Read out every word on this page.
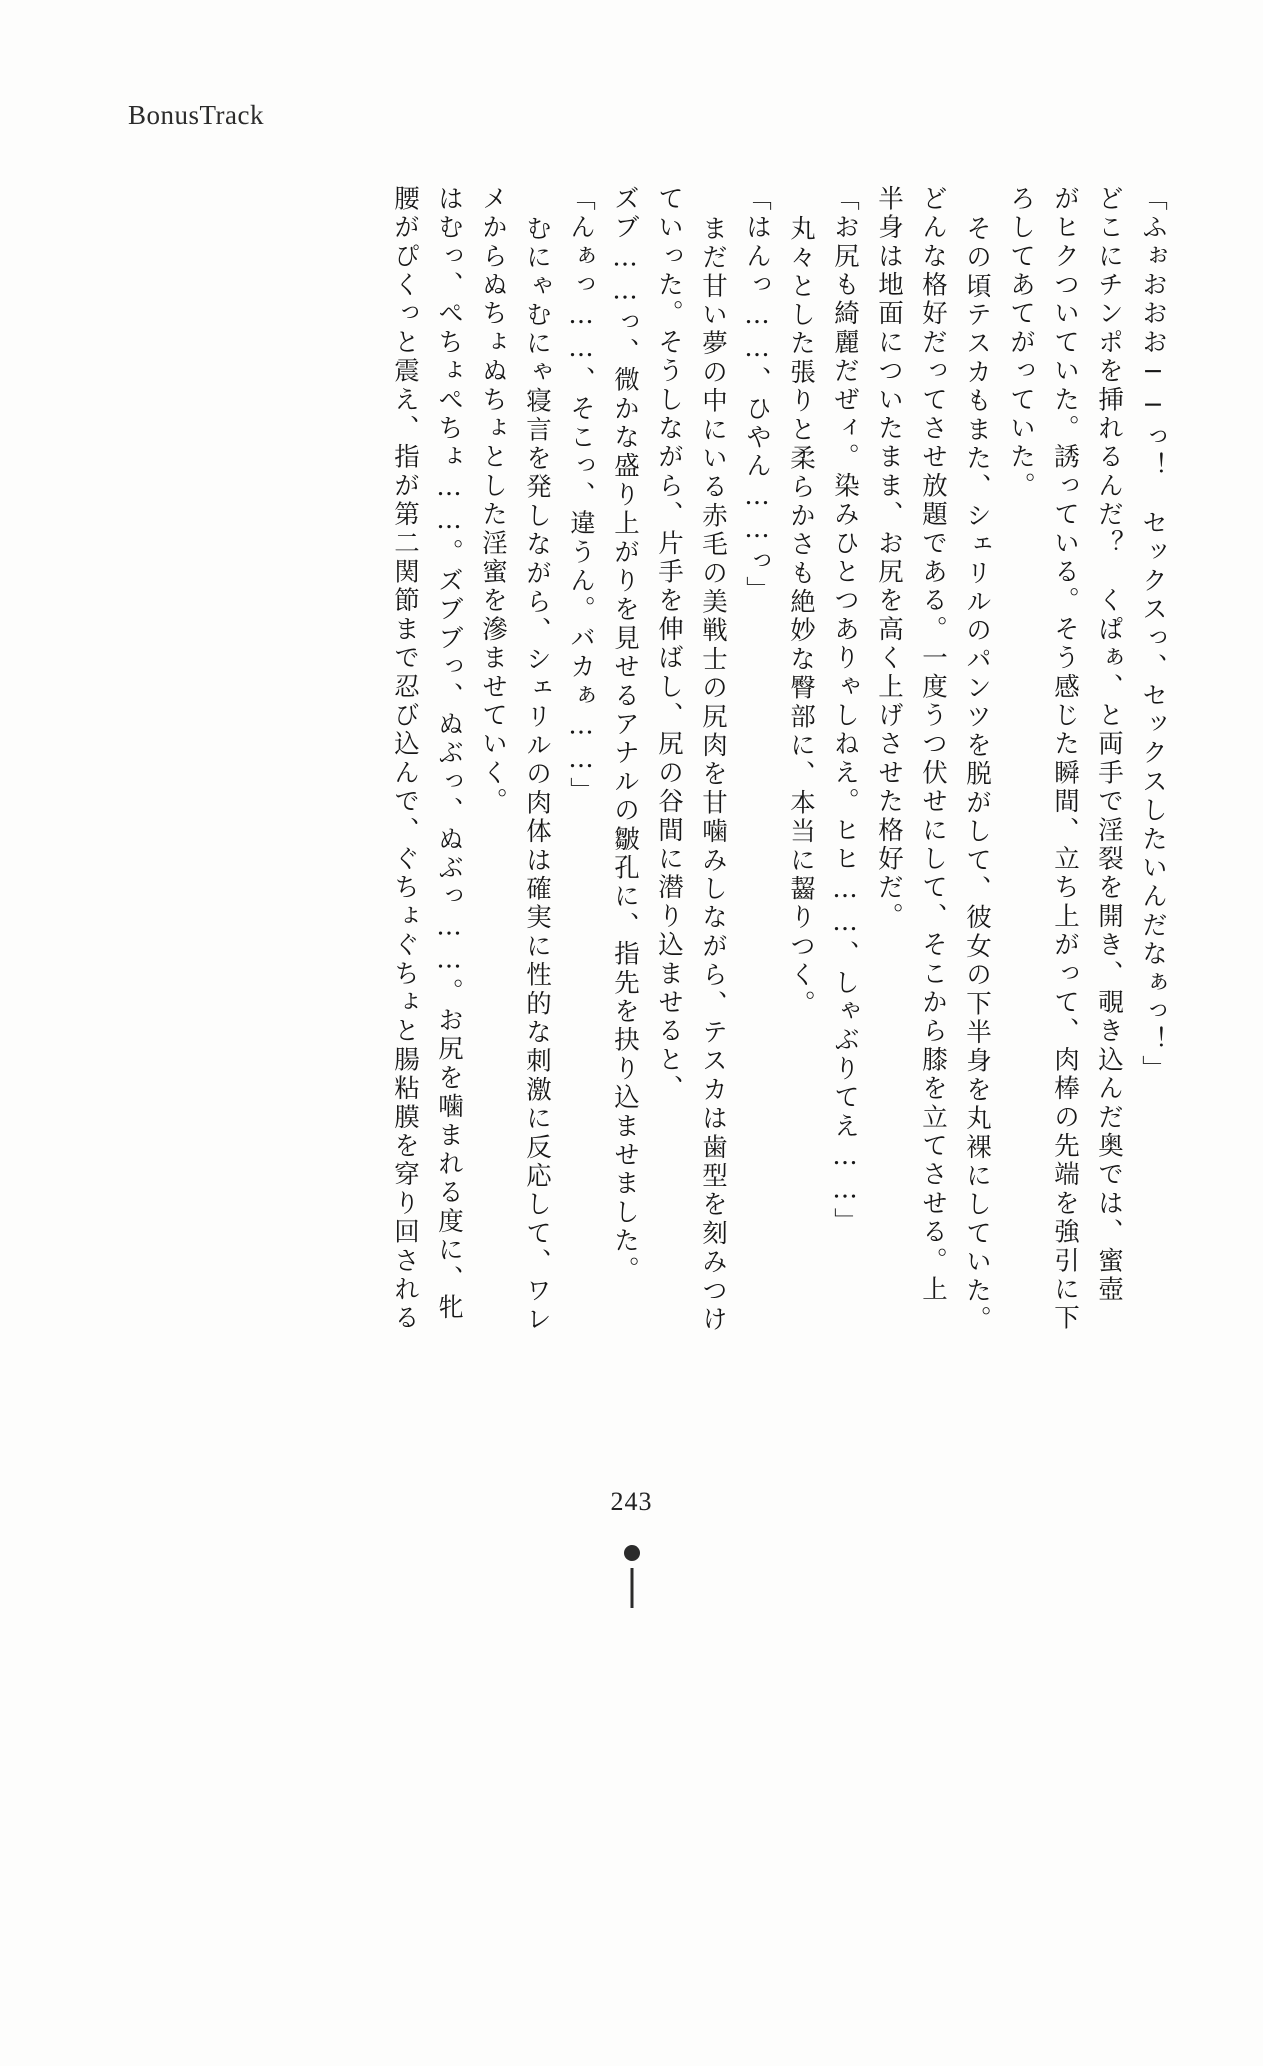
BonusTrack
「ふぉおおお──っ！　セックスっ、セックスしたいんだなぁっ！」
どこにチンポを挿れるんだ？　くぱぁ、と両手で淫裂を開き、覗き込んだ奥では、蜜壺
がヒクついていた。誘っている。そう感じた瞬間、立ち上がって、肉棒の先端を強引に下
ろしてあてがっていた。
その頃テスカもまた、シェリルのパンツを脱がして、彼女の下半身を丸裸にしていた。
どんな格好だってさせ放題である。一度うつ伏せにして、そこから膝を立てさせる。上
半身は地面についたまま、お尻を高く上げさせた格好だ。
「お尻も綺麗だぜィ。染みひとつありゃしねえ。ヒヒ……、しゃぶりてえ……」
丸々とした張りと柔らかさも絶妙な臀部に、本当に齧りつく。
「はんっ……、ひやん……っ」
まだ甘い夢の中にいる赤毛の美戦士の尻肉を甘噛みしながら、テスカは歯型を刻みつけ
ていった。そうしながら、片手を伸ばし、尻の谷間に潜り込ませると、
ズブ……っ、微かな盛り上がりを見せるアナルの皺孔に、指先を抉り込ませました。
「んぁっ……、そこっ、違うん。バカぁ……」
むにゃむにゃ寝言を発しながら、シェリルの肉体は確実に性的な刺激に反応して、ワレ
メからぬちょぬちょとした淫蜜を滲ませていく。
はむっ、ぺちょぺちょ……。ズブブっ、ぬぶっ、ぬぶっ……。お尻を噛まれる度に、牝
腰がぴくっと震え、指が第二関節まで忍び込んで、ぐちょぐちょと腸粘膜を穿り回される
243
